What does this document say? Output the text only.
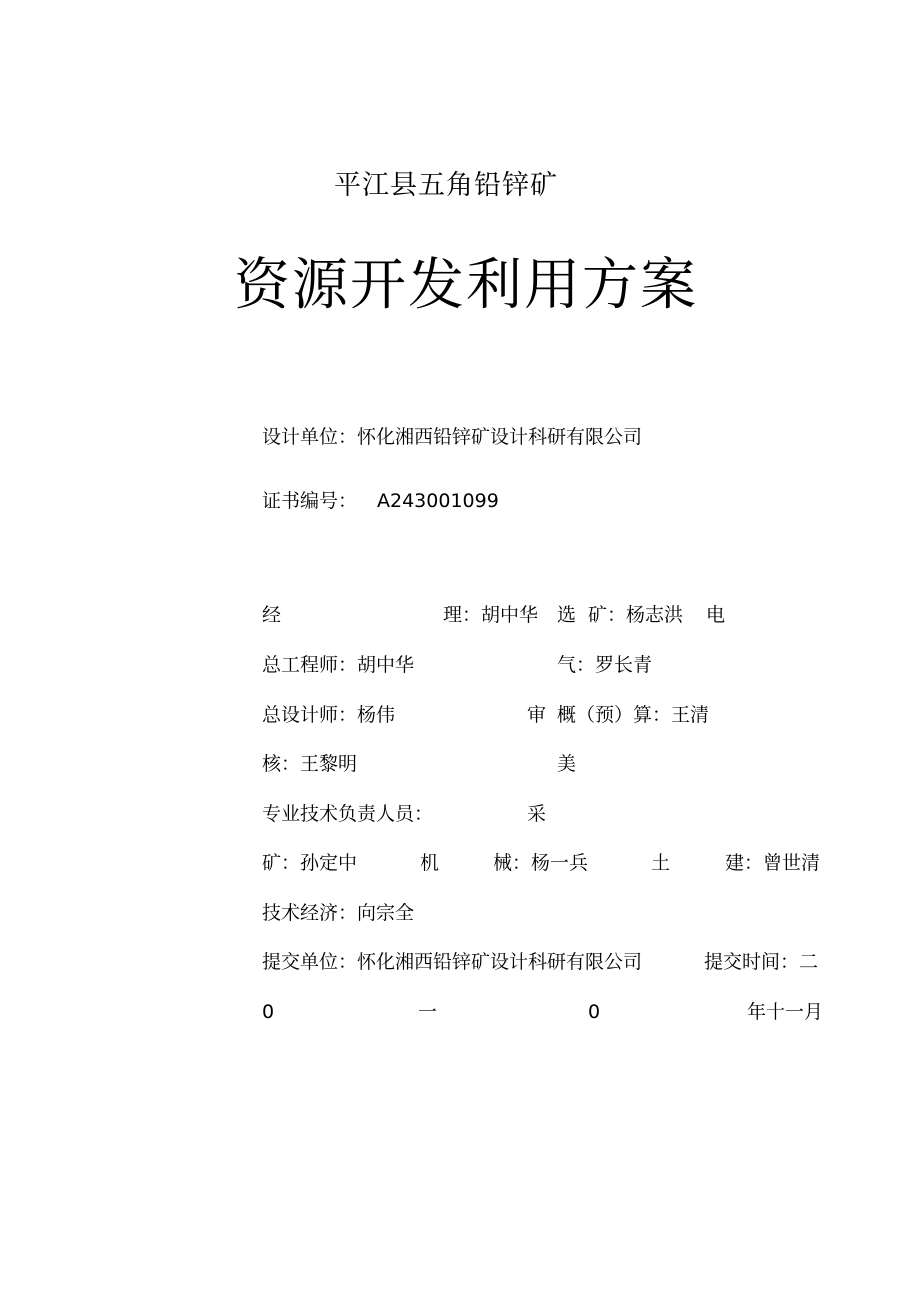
平江县五角铅锌矿
资源开发利用方案
设计单位：怀化湘西铅锌矿设计科研有限公司
证书编号： A243001099
经	理：胡中华 选 矿：杨志洪 电
总工程师：胡中华	气：罗长青
总设计师：杨伟	审 概（预）算：王清
核：王黎明	美
专业技术负责人员：	采
矿：孙定中	机	械：杨一兵	土	建：曾世清
技术经济：向宗全
提交单位：怀化湘西铅锌矿设计科研有限公司	提交时间：二
0	一	0	年十一月
